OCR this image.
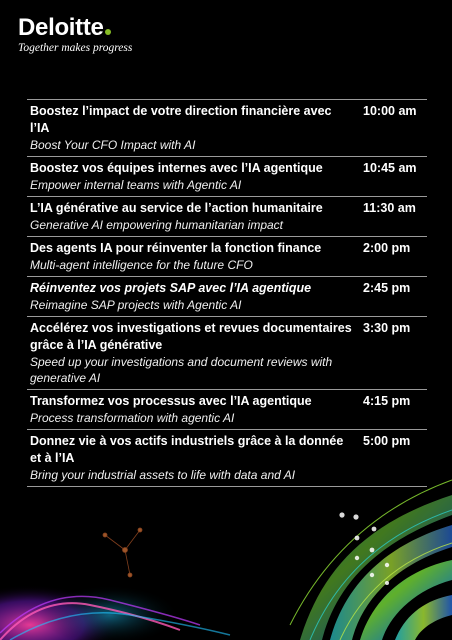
Deloitte
Together makes progress
Boostez l’impact de votre direction financière avec l’IA
Boost Your CFO Impact with AI
10:00 am
Boostez vos équipes internes avec l’IA agentique
Empower internal teams with Agentic AI
10:45 am
L’IA générative au service de l’action humanitaire
Generative AI empowering humanitarian impact
11:30 am
Des agents IA pour réinventer la fonction finance
Multi-agent intelligence for the future CFO
2:00 pm
Réinventez vos projets SAP avec l’IA agentique
Reimagine SAP projects with Agentic AI
2:45 pm
Accélérez vos investigations et revues documentaires grâce à l’IA générative
Speed up your investigations and document reviews with generative AI
3:30 pm
Transformez vos processus avec l’IA agentique
Process transformation with agentic AI
4:15 pm
Donnez vie à vos actifs industriels grâce à la donnée et à l’IA
Bring your industrial assets to life with data and AI
5:00 pm
